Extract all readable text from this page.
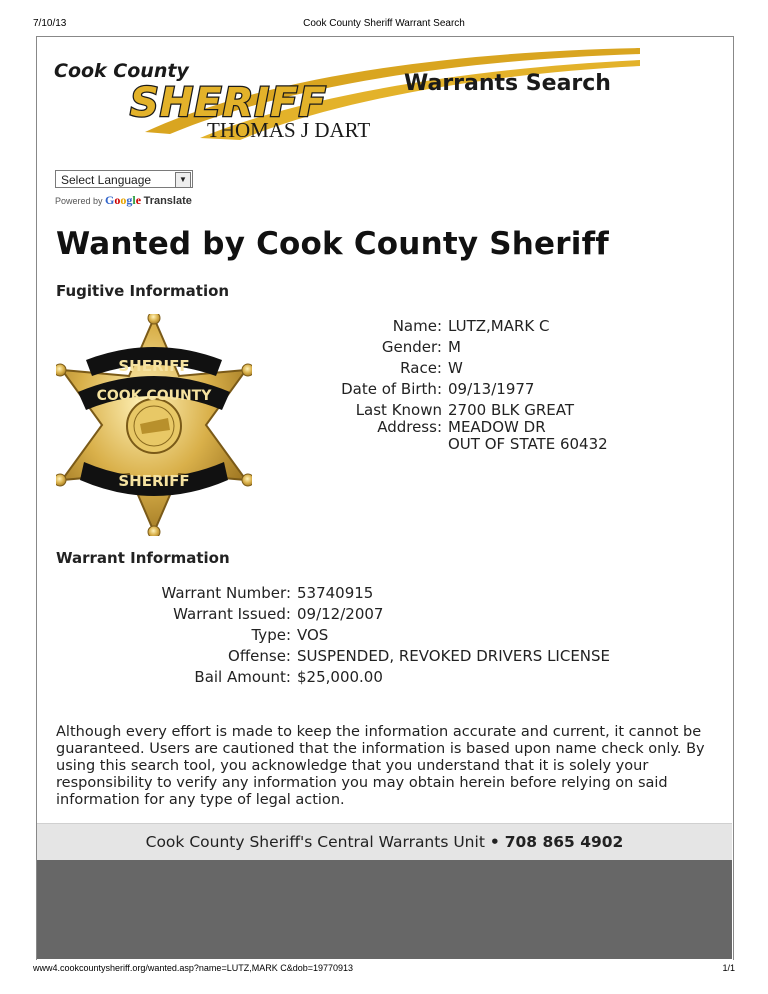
7/10/13	Cook County Sheriff Warrant Search
Cook County
SHERIFF
THOMAS J DART
Warrants Search
Select Language	▼
Powered by Google Translate
Wanted by Cook County Sheriff
Fugitive Information
SHERIFF
COOK COUNTY
SHERIFF
Name: LUTZ,MARK C
Gender: M
Race: W
Date of Birth: 09/13/1977
Last Known 2700 BLK GREAT
Address: MEADOW DR
OUT OF STATE 60432
Warrant Information
Warrant Number: 53740915
Warrant Issued: 09/12/2007
Type: VOS
Offense: SUSPENDED, REVOKED DRIVERS LICENSE
Bail Amount: $25,000.00

Although every effort is made to keep the information accurate and current, it cannot be guaranteed. Users are cautioned that the information is based upon name check only. By using this search tool, you acknowledge that you understand that it is solely your responsibility to verify any information you may obtain herein before relying on said information for any type of legal action.

Cook County Sheriff's Central Warrants Unit • 708 865 4902
www4.cookcountysheriff.org/wanted.asp?name=LUTZ,MARK C&dob=19770913	1/1
